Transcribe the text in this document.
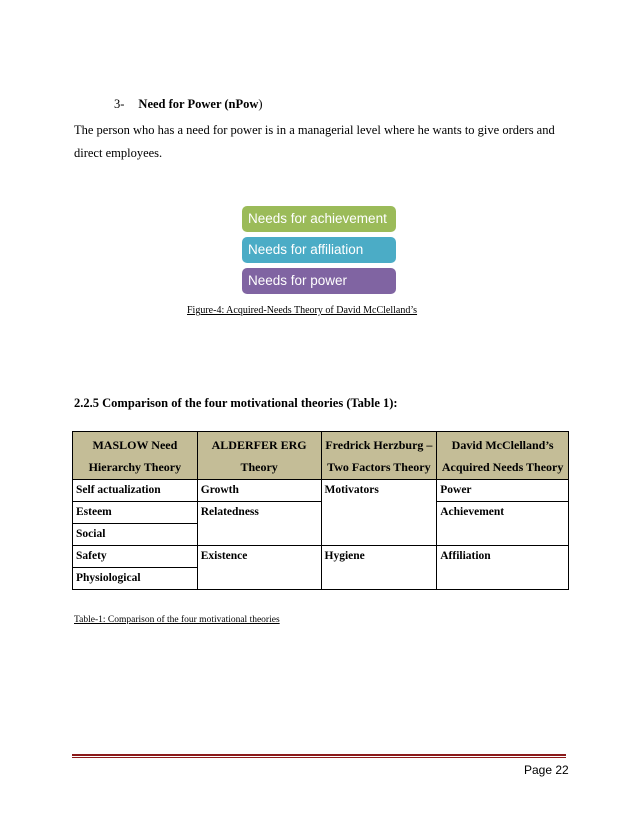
3- Need for Power (nPow)
The person who has a need for power is in a managerial level where he wants to give orders and direct employees.
Needs for achievement
Needs for affiliation
Needs for power
Figure-4: Acquired-Needs Theory of David McClelland’s
2.2.5 Comparison of the four motivational theories (Table 1):
MASLOW Need Hierarchy Theory	ALDERFER ERG Theory	Fredrick Herzburg – Two Factors Theory	David McClelland’s Acquired Needs Theory
Self actualization	Growth	Motivators	Power
Esteem	Relatedness		Achievement
Social			
Safety	Existence	Hygiene	Affiliation
Physiological			
Table-1: Comparison of the four motivational theories
Page 22
